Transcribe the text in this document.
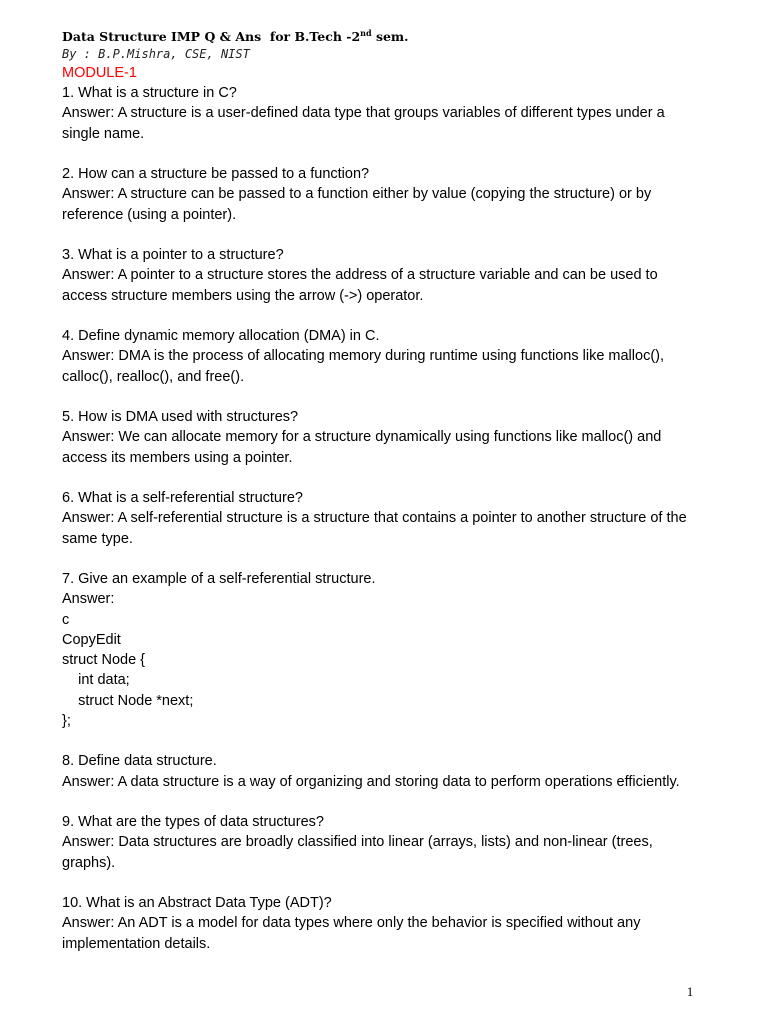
Data Structure IMP Q & Ans  for B.Tech -2nd sem.
By : B.P.Mishra, CSE, NIST
MODULE-1
1. What is a structure in C?
Answer: A structure is a user-defined data type that groups variables of different types under a single name.
2. How can a structure be passed to a function?
Answer: A structure can be passed to a function either by value (copying the structure) or by reference (using a pointer).
3. What is a pointer to a structure?
Answer: A pointer to a structure stores the address of a structure variable and can be used to access structure members using the arrow (->) operator.
4. Define dynamic memory allocation (DMA) in C.
Answer: DMA is the process of allocating memory during runtime using functions like malloc(), calloc(), realloc(), and free().
5. How is DMA used with structures?
Answer: We can allocate memory for a structure dynamically using functions like malloc() and access its members using a pointer.
6. What is a self-referential structure?
Answer: A self-referential structure is a structure that contains a pointer to another structure of the same type.
7. Give an example of a self-referential structure.
Answer:
c
CopyEdit
struct Node {
int data;
struct Node *next;
};
8. Define data structure.
Answer: A data structure is a way of organizing and storing data to perform operations efficiently.
9. What are the types of data structures?
Answer: Data structures are broadly classified into linear (arrays, lists) and non-linear (trees, graphs).
10. What is an Abstract Data Type (ADT)?
Answer: An ADT is a model for data types where only the behavior is specified without any implementation details.
1
